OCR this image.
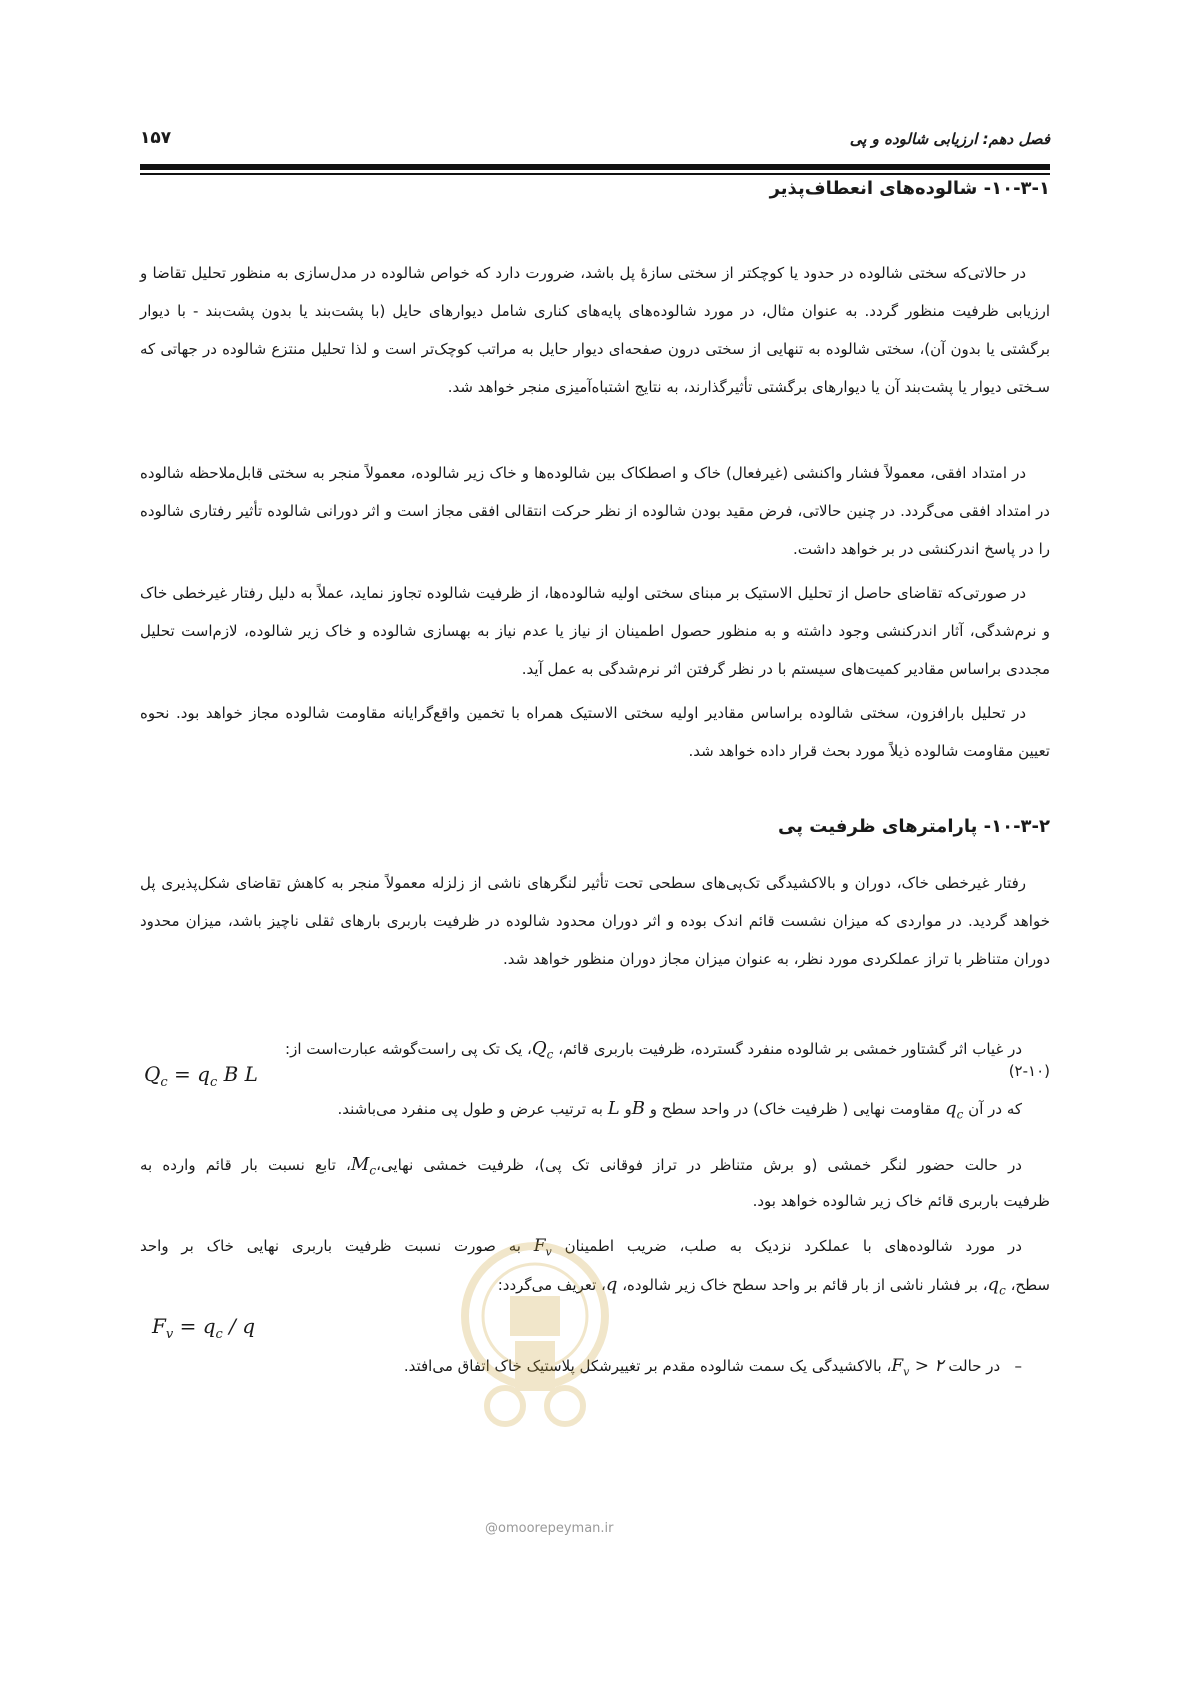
فصل دهم: ارزیابی شالوده و پی
۱۵۷
۱۰-۳-۱- شالوده‌های انعطاف‌پذیر
در حالاتی‌که سختی شالوده در حدود یا کوچکتر از سختی سازهٔ پل باشد، ضرورت دارد که خواص شالوده در مدل‌سازی به منظور تحلیل تقاضا و ارزیابی ظرفیت منظور گردد. به عنوان مثال، در مورد شالوده‌های پایه‌های کناری شامل دیوارهای حایل (با پشت‌بند یا بدون پشت‌بند - با دیوار برگشتی یا بدون آن)، سختی شالوده به تنهایی از سختی درون صفحه‌ای دیوار حایل به مراتب کوچک‌تر است و لذا تحلیل منتزع شالوده در جهاتی که سـختی دیوار یا پشت‌بند آن یا دیوارهای برگشتی تأثیرگذارند، به نتایج اشتباه‌آمیزی منجر خواهد شد.
در امتداد افقی، معمولاً فشار واکنشی (غیرفعال) خاک و اصطکاک بین شالوده‌ها و خاک زیر شالوده، معمولاً منجر به سختی قابل‌ملاحظه شالوده در امتداد افقی می‌گردد. در چنین حالاتی، فرض مقید بودن شالوده از نظر حرکت انتقالی افقی مجاز است و اثر دورانی شالوده تأثیر رفتاری شالوده را در پاسخ اندرکنشی در بر خواهد داشت.
در صورتی‌که تقاضای حاصل از تحلیل الاستیک بر مبنای سختی اولیه شالوده‌ها، از ظرفیت شالوده تجاوز نماید، عملاً به دلیل رفتار غیرخطی خاک و نرم‌شدگی، آثار اندرکنشی وجود داشته و به منظور حصول اطمینان از نیاز یا عدم نیاز به بهسازی شالوده و خاک زیر شالوده، لازم‌است تحلیل مجددی براساس مقادیر کمیت‌های سیستم با در نظر گرفتن اثر نرم‌شدگی به عمل آید.
در تحلیل بارافزون، سختی شالوده براساس مقادیر اولیه سختی الاستیک همراه با تخمین واقع‌گرایانه مقاومت شالوده مجاز خواهد بود. نحوه تعیین مقاومت شالوده ذیلاً مورد بحث قرار داده خواهد شد.
۱۰-۳-۲- پارامترهای ظرفیت پی
رفتار غیرخطی خاک، دوران و بالاکشیدگی تک‌پی‌های سطحی تحت تأثیر لنگرهای ناشی از زلزله معمولاً منجر به کاهش تقاضای شکل‌پذیری پل خواهد گردید. در مواردی که میزان نشست قائم اندک بوده و اثر دوران محدود شالوده در ظرفیت باربری بارهای ثقلی ناچیز باشد، میزان محدود دوران متناظر با تراز عملکردی مورد نظر، به عنوان میزان مجاز دوران منظور خواهد شد.
در غیاب اثر گشتاور خمشی بر شالوده منفرد گسترده، ظرفیت باربری قائم، $Q_c،$ یک تک پی راست‌گوشه عبارت‌است از:
$Q_c = q_c$ B L	(۲-۱۰)
که در آن $q_c$ مقاومت نهایی ( ظرفیت خاک) در واحد سطح و Bو L به ترتیب عرض و طول پی منفرد می‌باشند.
در حالت حضور لنگر خمشی (و برش متناظر در تراز فوقانی تک پی)، ظرفیت خمشی $نهایی،M_c،$ تابع نسبت بار قائم وارده به
ظرفیت باربری قائم خاک زیر شالوده خواهد بود.
در مورد شالوده‌های با عملکرد نزدیک به صلب، ضریب اطمینان $F_v$ به صورت نسبت ظرفیت باربری نهایی خاک بر واحد
سطح، $q_c،$ بر فشار ناشی از بار قائم بر واحد سطح خاک زیر شالوده، q، تعریف می‌گردد:
$F_v = q_c / q$
–   در حالت $F_v$ > ۲، بالاکشیدگی یک سمت شالوده مقدم بر تغییرشکل پلاستیک خاک اتفاق می‌افتد.
@omoorepeyman.ir
